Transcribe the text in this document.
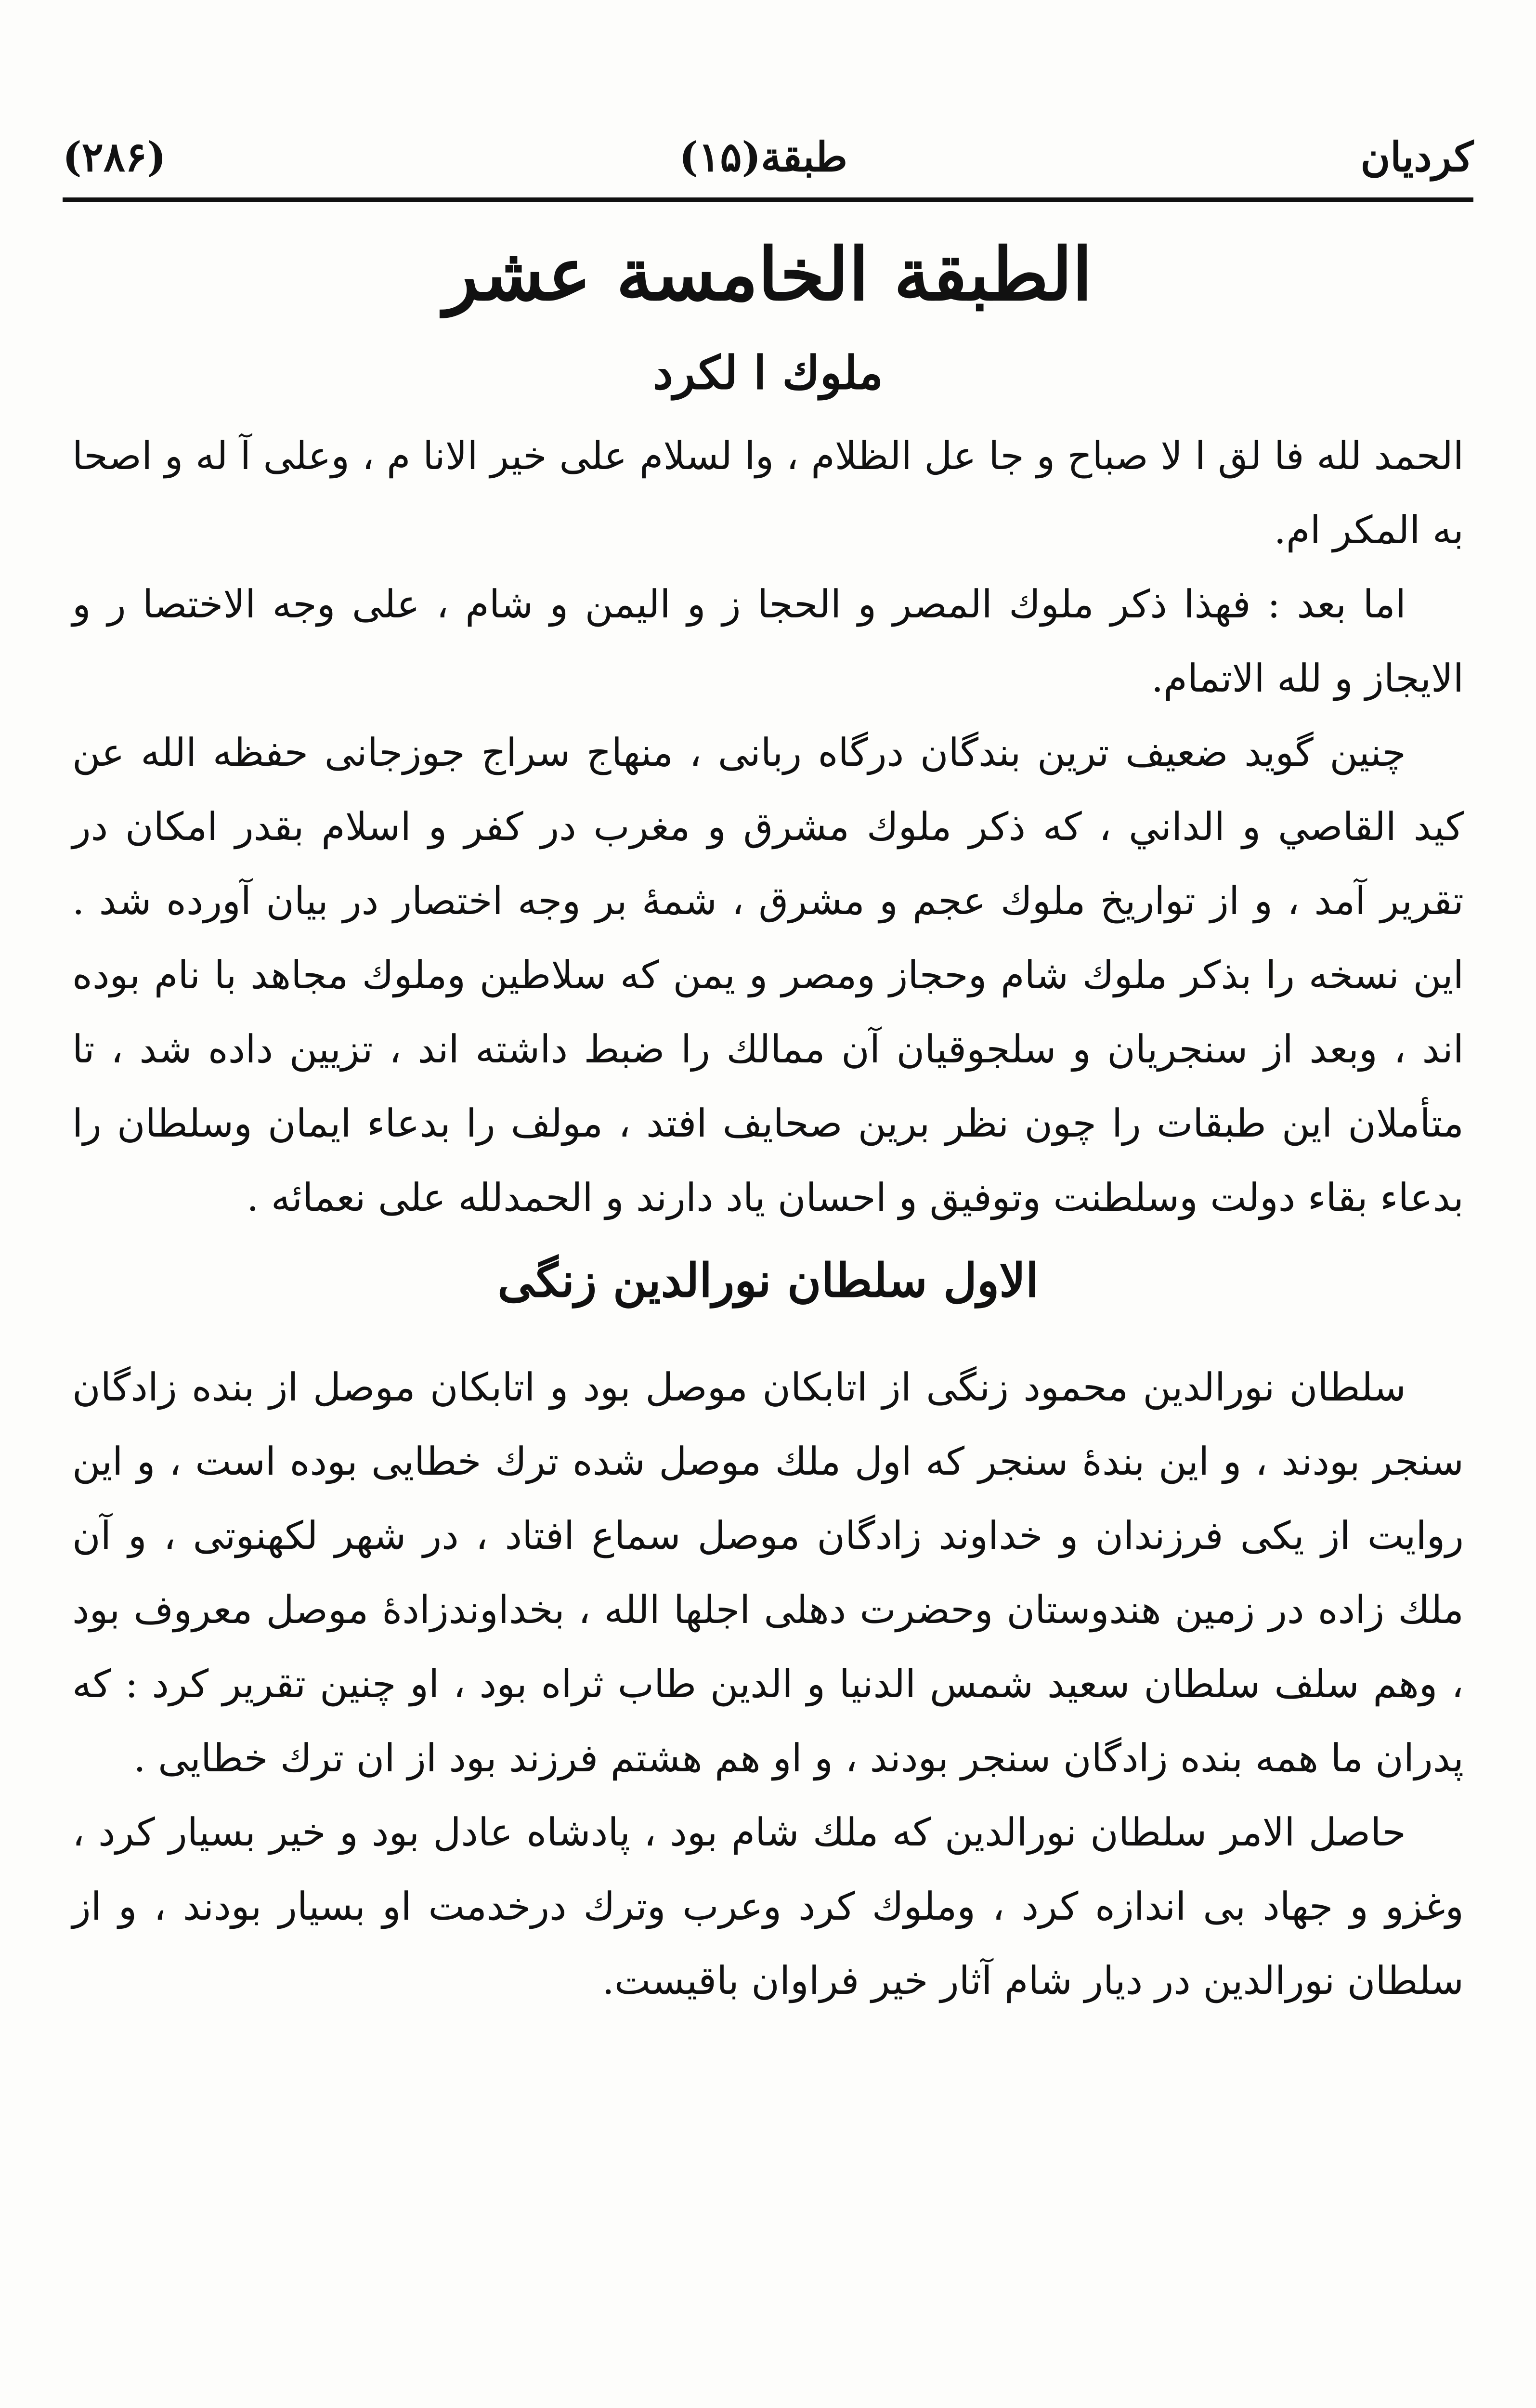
کردیان
طبقة(۱۵)
(۲۸۶)
الطبقة الخامسة عشر
ملوك ا لكرد

الحمد لله فا لق ا لا صباح و جا عل الظلام ، وا لسلام على خير الانا م ، وعلى آ له و اصحا به المكر ام.

اما بعد : فهذا ذكر ملوك المصر و الحجا ز و اليمن و شام ، على وجه الاختصا ر و الايجاز و لله الاتمام.

چنین گوید ضعیف ترین بندگان درگاه ربانی ، منهاج سراج جوزجانی حفظه الله عن كيد القاصي و الداني ، كه ذكر ملوك مشرق و مغرب در كفر و اسلام بقدر امكان در تقرير آمد ، و از تواريخ ملوك عجم و مشرق ، شمهٔ بر وجه اختصار در بيان آورده شد . اين نسخه را بذكر ملوك شام وحجاز ومصر و يمن كه سلاطين وملوك مجاهد با نام بوده اند ، وبعد از سنجريان و سلجوقيان آن ممالك را ضبط داشته اند ، تزيين داده شد ، تا متأملان اين طبقات را چون نظر برين صحايف افتد ، مولف را بدعاء ايمان وسلطان را بدعاء بقاء دولت وسلطنت وتوفيق و احسان ياد دارند و الحمدلله على نعمائه .

الاول سلطان نورالدين زنگی

سلطان نورالدين محمود زنگی از اتابكان موصل بود و اتابكان موصل از بنده زادگان سنجر بودند ، و اين بندهٔ سنجر كه اول ملك موصل شده ترك خطايی بوده است ، و اين روايت از يكی فرزندان و خداوند زادگان موصل سماع افتاد ، در شهر لكهنوتی ، و آن ملك زاده در زمين هندوستان وحضرت دهلی اجلها الله ، بخداوندزادهٔ موصل معروف بود ، وهم سلف سلطان سعيد شمس الدنيا و الدين طاب ثراه بود ، او چنين تقرير كرد : كه پدران ما همه بنده زادگان سنجر بودند ، و او هم هشتم فرزند بود از ان ترك خطايی .

حاصل الامر سلطان نورالدين كه ملك شام بود ، پادشاه عادل بود و خير بسيار كرد ، وغزو و جهاد بی اندازه كرد ، وملوك كرد وعرب وترك درخدمت او بسيار بودند ، و از سلطان نورالدين در ديار شام آثار خير فراوان باقيست.
